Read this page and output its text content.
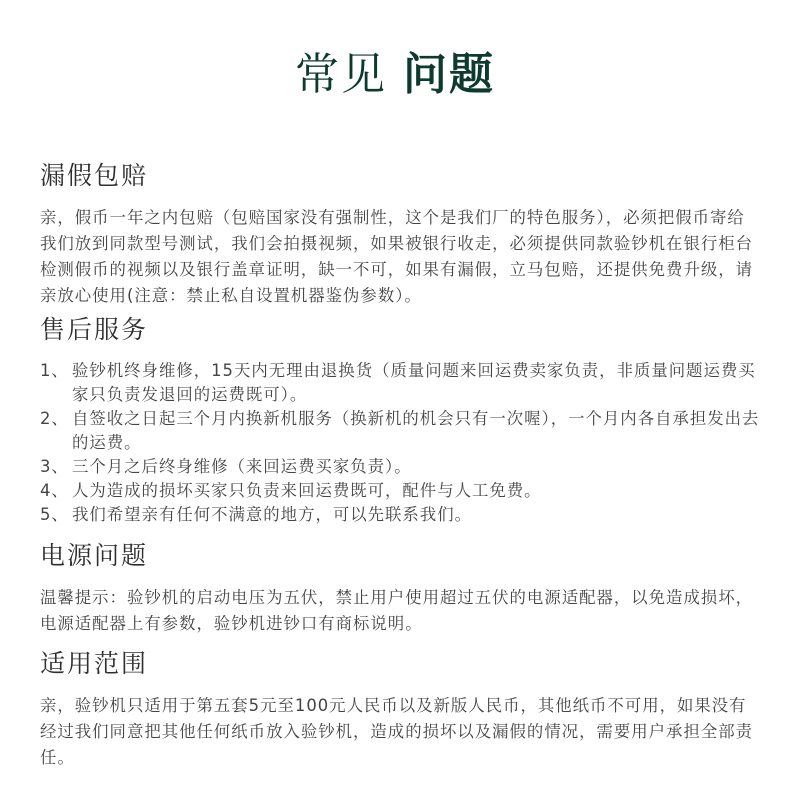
常见 问题
漏假包赔

亲，假币一年之内包赔（包赔国家没有强制性，这个是我们厂的特色服务），必须把假币寄给我们放到同款型号测试，我们会拍摄视频，如果被银行收走，必须提供同款验钞机在银行柜台检测假币的视频以及银行盖章证明，缺一不可，如果有漏假，立马包赔，还提供免费升级，请亲放心使用(注意：禁止私自设置机器鉴伪参数）。

售后服务
1、 验钞机终身维修，15天内无理由退换货（质量问题来回运费卖家负责，非质量问题运费买家只负责发退回的运费既可）。
2、 自签收之日起三个月内换新机服务（换新机的机会只有一次喔），一个月内各自承担发出去的运费。
3、 三个月之后终身维修（来回运费买家负责）。
4、 人为造成的损坏买家只负责来回运费既可，配件与人工免费。
5、 我们希望亲有任何不满意的地方，可以先联系我们。
电源问题

温馨提示：验钞机的启动电压为五伏，禁止用户使用超过五伏的电源适配器，以免造成损坏，电源适配器上有参数，验钞机进钞口有商标说明。

适用范围

亲，验钞机只适用于第五套5元至100元人民币以及新版人民币，其他纸币不可用，如果没有经过我们同意把其他任何纸币放入验钞机，造成的损坏以及漏假的情况，需要用户承担全部责任。
